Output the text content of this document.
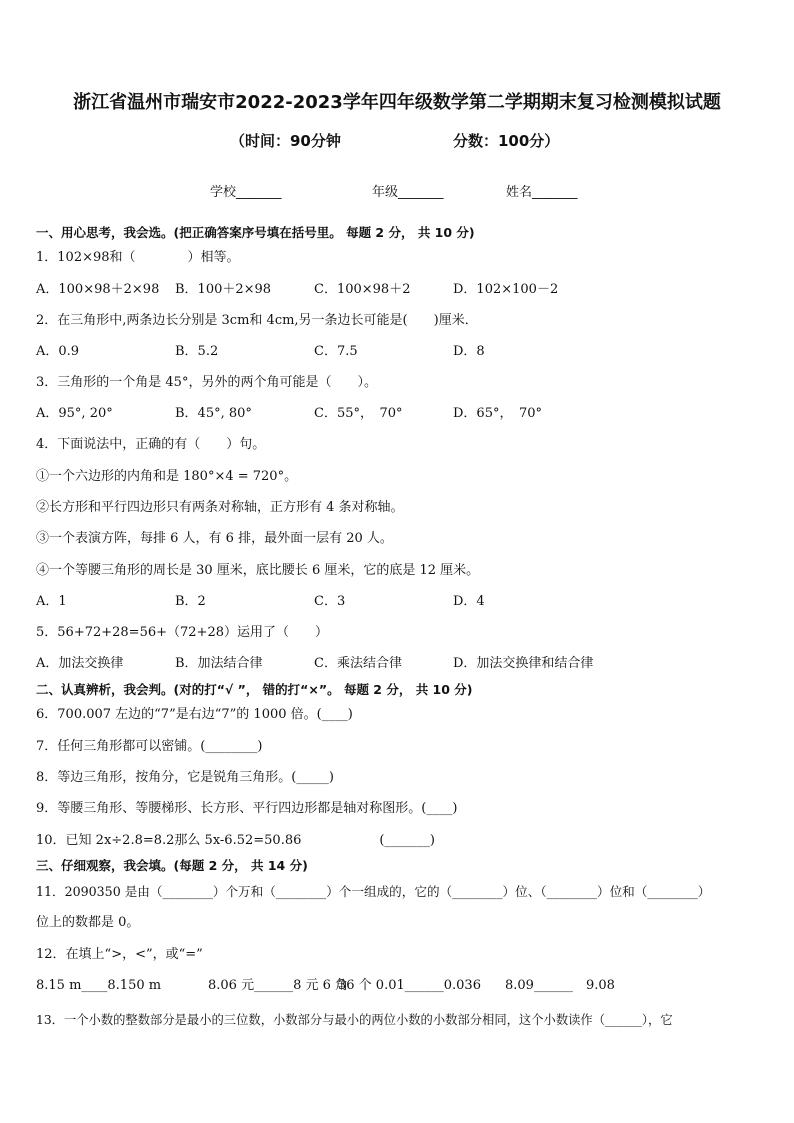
浙江省温州市瑞安市2022-2023学年四年级数学第二学期期末复习检测模拟试题
（时间：90分钟	分数：100分）
学校_______	年级_______	姓名_______
一、用心思考，我会选。(把正确答案序号填在括号里。 每题 2 分， 共 10 分)
1．102×98和（　　　　）相等。
A．100×98＋2×98 B．100＋2×98	C．100×98＋2	D．102×100－2
2．在三角形中,两条边长分别是 3cm和 4cm,另一条边长可能是(　　)厘米．
A．0.9	B．5.2	C．7.5	D．8
3．三角形的一个角是 45°，另外的两个角可能是（　　）。
A．95°, 20°	B．45°, 80°	C．55°，　70°	D．65°，　70°
4．下面说法中，正确的有（　　）句。
①一个六边形的内角和是 180°×4 = 720°。
②长方形和平行四边形只有两条对称轴，正方形有 4 条对称轴。
③一个表演方阵，每排 6 人，有 6 排，最外面一层有 20 人。
④一个等腰三角形的周长是 30 厘米，底比腰长 6 厘米，它的底是 12 厘米。
A．1	B．2	C．3	D．4
5．56+72+28=56+（72+28）运用了（　　）
A．加法交换律	B．加法结合律	C．乘法结合律	D．加法交换律和结合律
二、认真辨析，我会判。(对的打“√ ”， 错的打“×”。 每题 2 分， 共 10 分)
6．700.007 左边的“7”是右边“7”的 1000 倍。(____)
7．任何三角形都可以密铺。(________)
8．等边三角形，按角分，它是锐角三角形。(_____)
9．等腰三角形、等腰梯形、长方形、平行四边形都是轴对称图形。(____)
10．已知 2x÷2.8=8.2那么 5x-6.52=50.86　　　　　　(_______)
三、仔细观察，我会填。(每题 2 分， 共 14 分)
11．2090350 是由（________）个万和（________）个一组成的，它的（________）位、（________）位和（________）
位上的数都是 0。
12．在填上“>，<”，或“=”
8.15 m____8.150 m	8.06 元______8 元 6 角
36 个 0.01______0.036 8.09______　9.08
13．一个小数的整数部分是最小的三位数，小数部分与最小的两位小数的小数部分相同，这个小数读作（______），它
